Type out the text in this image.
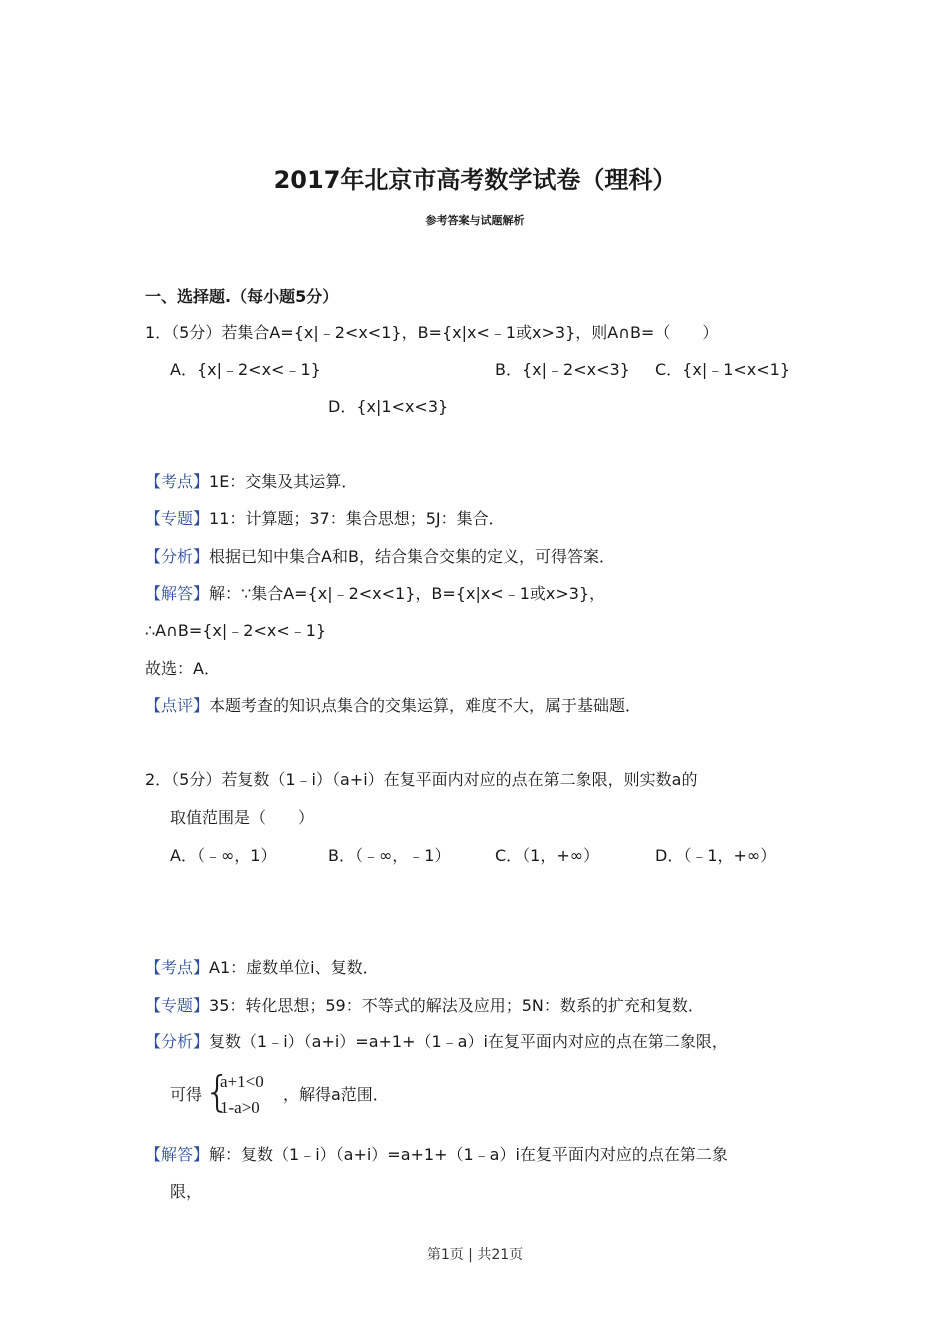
2017年北京市高考数学试卷（理科）
参考答案与试题解析
一、选择题.（每小题5分）
1．（5分）若集合A={x|﹣2<x<1}，B={x|x<﹣1或x>3}，则A∩B=（　　）
A．{x|﹣2<x<﹣1}	B．{x|﹣2<x<3} C．{x|﹣1<x<1}
D．{x|1<x<3}
【考点】1E：交集及其运算．
【专题】11：计算题；37：集合思想；5J：集合．
【分析】根据已知中集合A和B，结合集合交集的定义，可得答案．
【解答】解：∵集合A={x|﹣2<x<1}，B={x|x<﹣1或x>3}，
∴A∩B={x|﹣2<x<﹣1}
故选：A．
【点评】本题考查的知识点集合的交集运算，难度不大，属于基础题．
2．（5分）若复数（1﹣i）（a+i）在复平面内对应的点在第二象限，则实数a的
取值范围是（　　）
A．（﹣∞，1）	B．（﹣∞，﹣1）	C．（1，+∞）	D．（﹣1，+∞）
【考点】A1：虚数单位i、复数．
【专题】35：转化思想；59：不等式的解法及应用；5N：数系的扩充和复数．
【分析】复数（1﹣i）（a+i）=a+1+（1﹣a）i在复平面内对应的点在第二象限，
可得 {
a+1<0
1-a>0
，解得a范围．
【解答】解：复数（1﹣i）（a+i）=a+1+（1﹣a）i在复平面内对应的点在第二象
限，
第1页 | 共21页
